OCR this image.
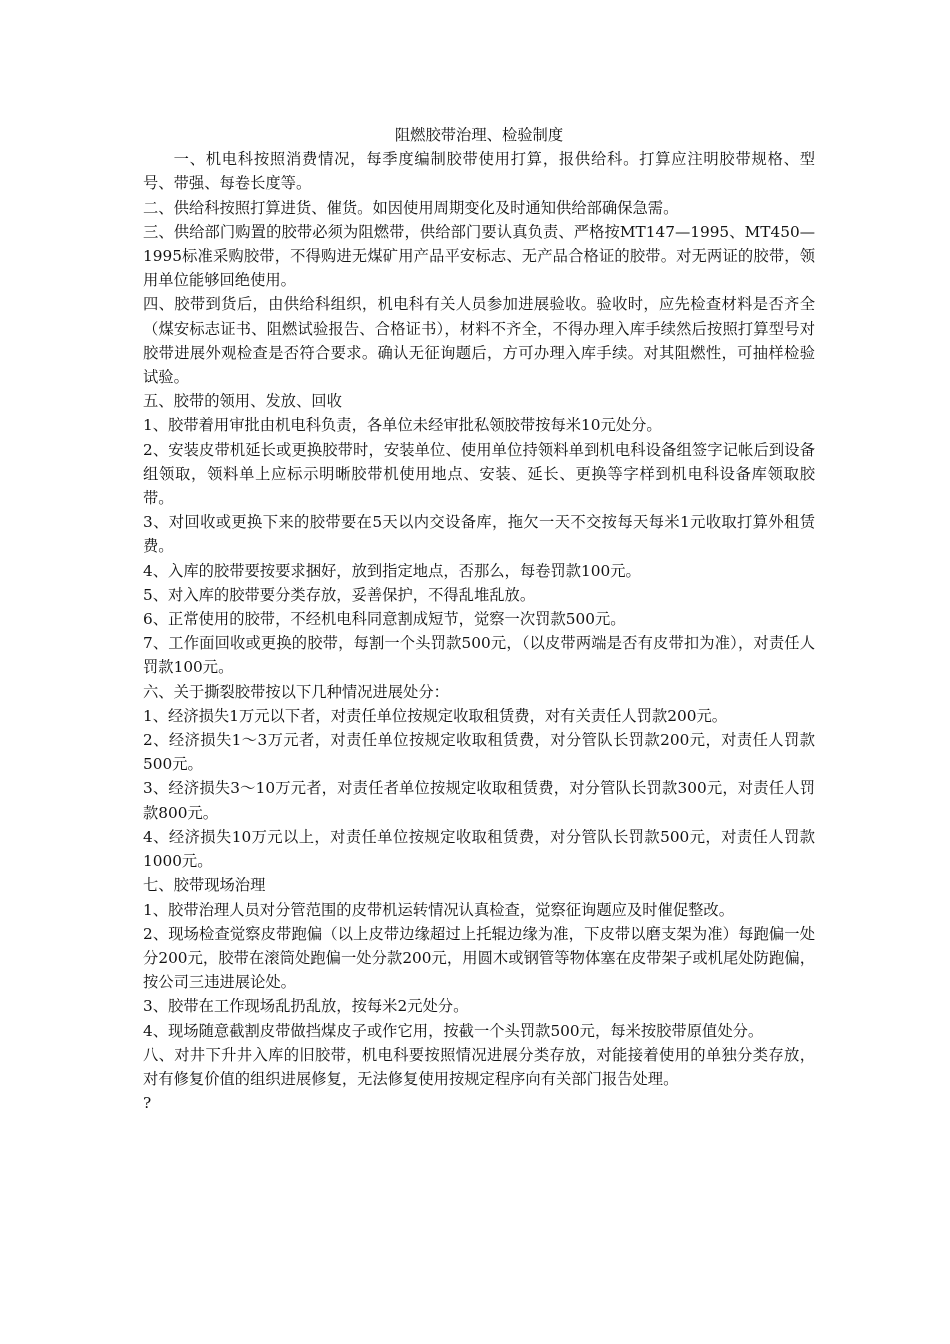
阻燃胶带治理、检验制度

一、机电科按照消费情况，每季度编制胶带使用打算，报供给科。打算应注明胶带规格、型号、带强、每卷长度等。

二、供给科按照打算进货、催货。如因使用周期变化及时通知供给部确保急需。

三、供给部门购置的胶带必须为阻燃带，供给部门要认真负责、严格按MT147—1995、MT450—1995标准采购胶带，不得购进无煤矿用产品平安标志、无产品合格证的胶带。对无两证的胶带，领用单位能够回绝使用。

四、胶带到货后，由供给科组织，机电科有关人员参加进展验收。验收时，应先检查材料是否齐全（煤安标志证书、阻燃试验报告、合格证书），材料不齐全，不得办理入库手续然后按照打算型号对胶带进展外观检查是否符合要求。确认无征询题后，方可办理入库手续。对其阻燃性，可抽样检验试验。

五、胶带的领用、发放、回收

1、胶带着用审批由机电科负责，各单位未经审批私领胶带按每米10元处分。

2、安装皮带机延长或更换胶带时，安装单位、使用单位持领料单到机电科设备组签字记帐后到设备组领取，领料单上应标示明晰胶带机使用地点、安装、延长、更换等字样到机电科设备库领取胶带。

3、对回收或更换下来的胶带要在5天以内交设备库，拖欠一天不交按每天每米1元收取打算外租赁费。

4、入库的胶带要按要求捆好，放到指定地点，否那么，每卷罚款100元。

5、对入库的胶带要分类存放，妥善保护，不得乱堆乱放。

6、正常使用的胶带，不经机电科同意割成短节，觉察一次罚款500元。

7、工作面回收或更换的胶带，每割一个头罚款500元，（以皮带两端是否有皮带扣为准），对责任人罚款100元。

六、关于撕裂胶带按以下几种情况进展处分：

1、经济损失1万元以下者，对责任单位按规定收取租赁费，对有关责任人罚款200元。

2、经济损失1～3万元者，对责任单位按规定收取租赁费，对分管队长罚款200元，对责任人罚款500元。

3、经济损失3～10万元者，对责任者单位按规定收取租赁费，对分管队长罚款300元，对责任人罚款800元。

4、经济损失10万元以上，对责任单位按规定收取租赁费，对分管队长罚款500元，对责任人罚款1000元。

七、胶带现场治理

1、胶带治理人员对分管范围的皮带机运转情况认真检查，觉察征询题应及时催促整改。

2、现场检查觉察皮带跑偏（以上皮带边缘超过上托辊边缘为准，下皮带以磨支架为准）每跑偏一处分200元，胶带在滚筒处跑偏一处分款200元，用圆木或钢管等物体塞在皮带架子或机尾处防跑偏，按公司三违进展论处。

3、胶带在工作现场乱扔乱放，按每米2元处分。

4、现场随意截割皮带做挡煤皮子或作它用，按截一个头罚款500元，每米按胶带原值处分。

八、对井下升井入库的旧胶带，机电科要按照情况进展分类存放，对能接着使用的单独分类存放，对有修复价值的组织进展修复，无法修复使用按规定程序向有关部门报告处理。

?
